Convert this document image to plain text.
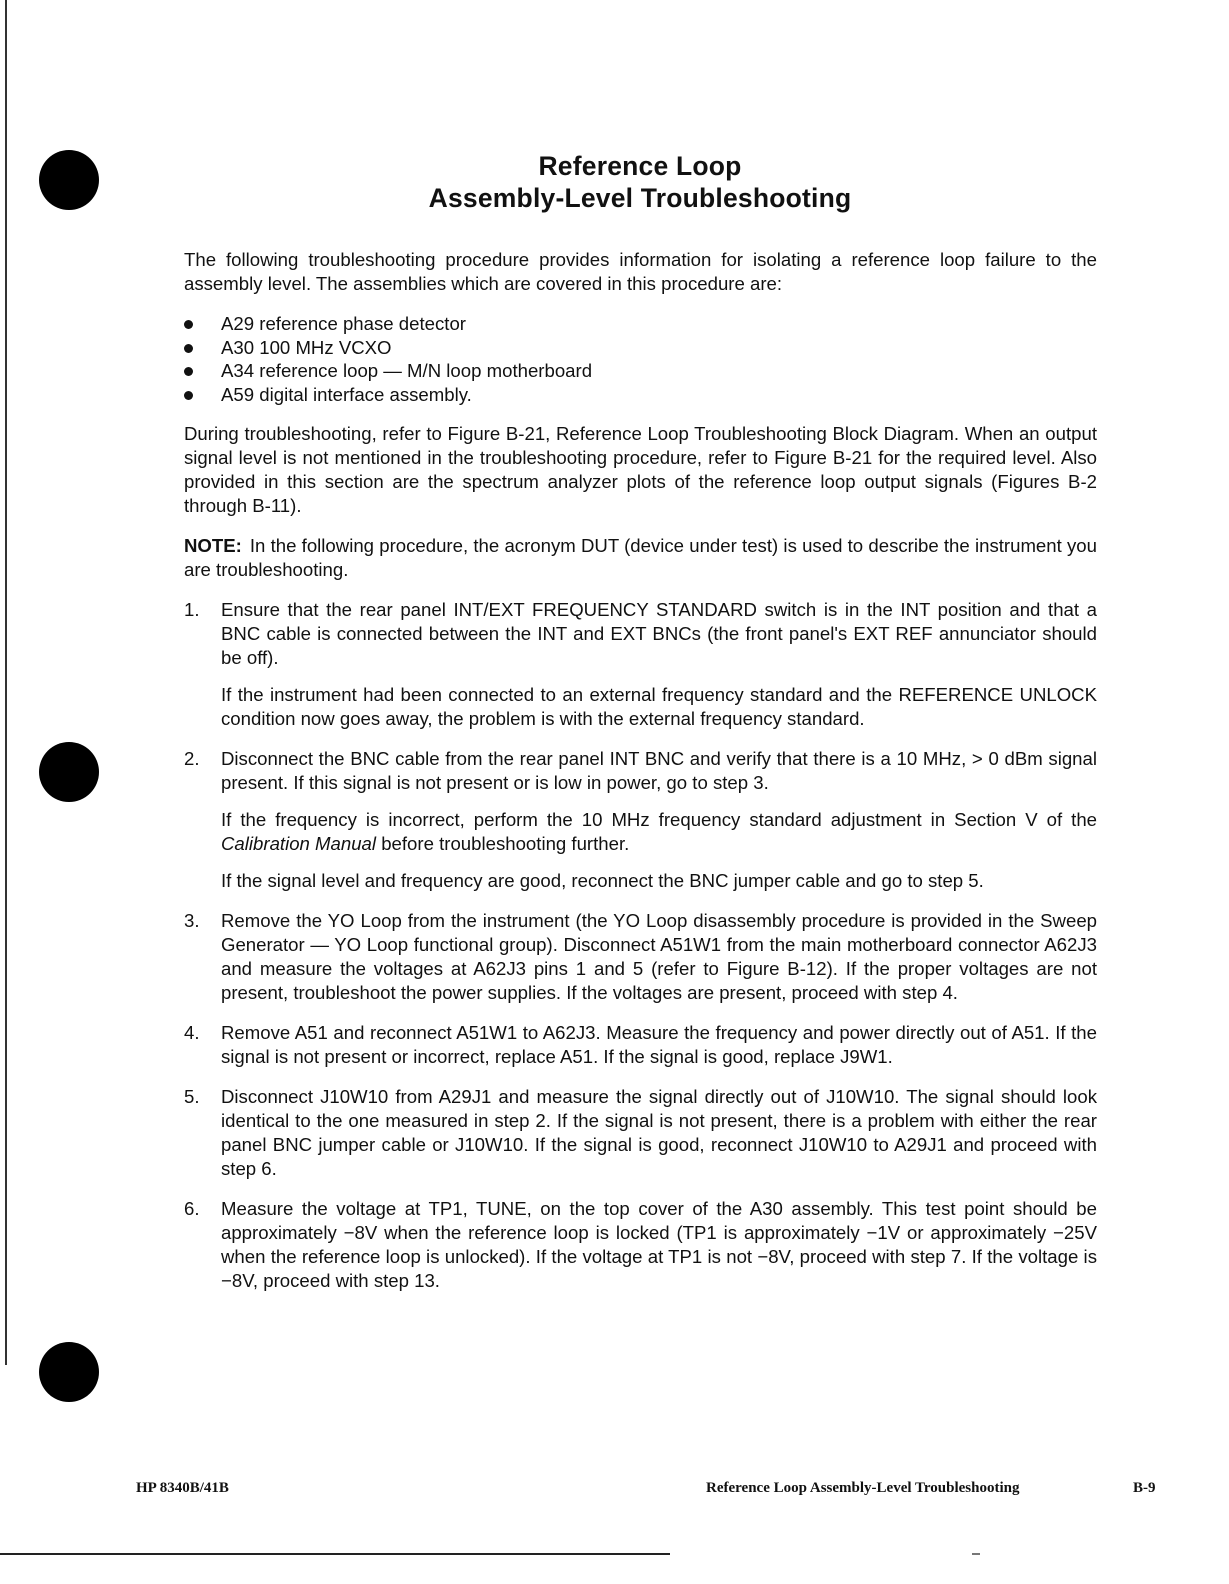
Reference Loop
Assembly-Level Troubleshooting

The following troubleshooting procedure provides information for isolating a reference loop failure to the assembly level. The assemblies which are covered in this procedure are:

A29 reference phase detector
A30 100 MHz VCXO
A34 reference loop — M/N loop motherboard
A59 digital interface assembly.

During troubleshooting, refer to Figure B-21, Reference Loop Troubleshooting Block Diagram. When an output signal level is not mentioned in the troubleshooting procedure, refer to Figure B-21 for the required level. Also provided in this section are the spectrum analyzer plots of the reference loop output signals (Figures B-2 through B-11).

NOTE: In the following procedure, the acronym DUT (device under test) is used to describe the instrument you are troubleshooting.

1. Ensure that the rear panel INT/EXT FREQUENCY STANDARD switch is in the INT position and that a BNC cable is connected between the INT and EXT BNCs (the front panel's EXT REF annunciator should be off).

If the instrument had been connected to an external frequency standard and the REFERENCE UNLOCK condition now goes away, the problem is with the external frequency standard.

2. Disconnect the BNC cable from the rear panel INT BNC and verify that there is a 10 MHz, > 0 dBm signal present. If this signal is not present or is low in power, go to step 3.

If the frequency is incorrect, perform the 10 MHz frequency standard adjustment in Section V of the Calibration Manual before troubleshooting further.

If the signal level and frequency are good, reconnect the BNC jumper cable and go to step 5.

3. Remove the YO Loop from the instrument (the YO Loop disassembly procedure is provided in the Sweep Generator — YO Loop functional group). Disconnect A51W1 from the main motherboard connector A62J3 and measure the voltages at A62J3 pins 1 and 5 (refer to Figure B-12). If the proper voltages are not present, troubleshoot the power supplies. If the voltages are present, proceed with step 4.

4. Remove A51 and reconnect A51W1 to A62J3. Measure the frequency and power directly out of A51. If the signal is not present or incorrect, replace A51. If the signal is good, replace J9W1.

5. Disconnect J10W10 from A29J1 and measure the signal directly out of J10W10. The signal should look identical to the one measured in step 2. If the signal is not present, there is a problem with either the rear panel BNC jumper cable or J10W10. If the signal is good, reconnect J10W10 to A29J1 and proceed with step 6.

6. Measure the voltage at TP1, TUNE, on the top cover of the A30 assembly. This test point should be approximately −8V when the reference loop is locked (TP1 is approximately −1V or approximately −25V when the reference loop is unlocked). If the voltage at TP1 is not −8V, proceed with step 7. If the voltage is −8V, proceed with step 13.

HP 8340B/41B	Reference Loop Assembly-Level Troubleshooting	B-9
